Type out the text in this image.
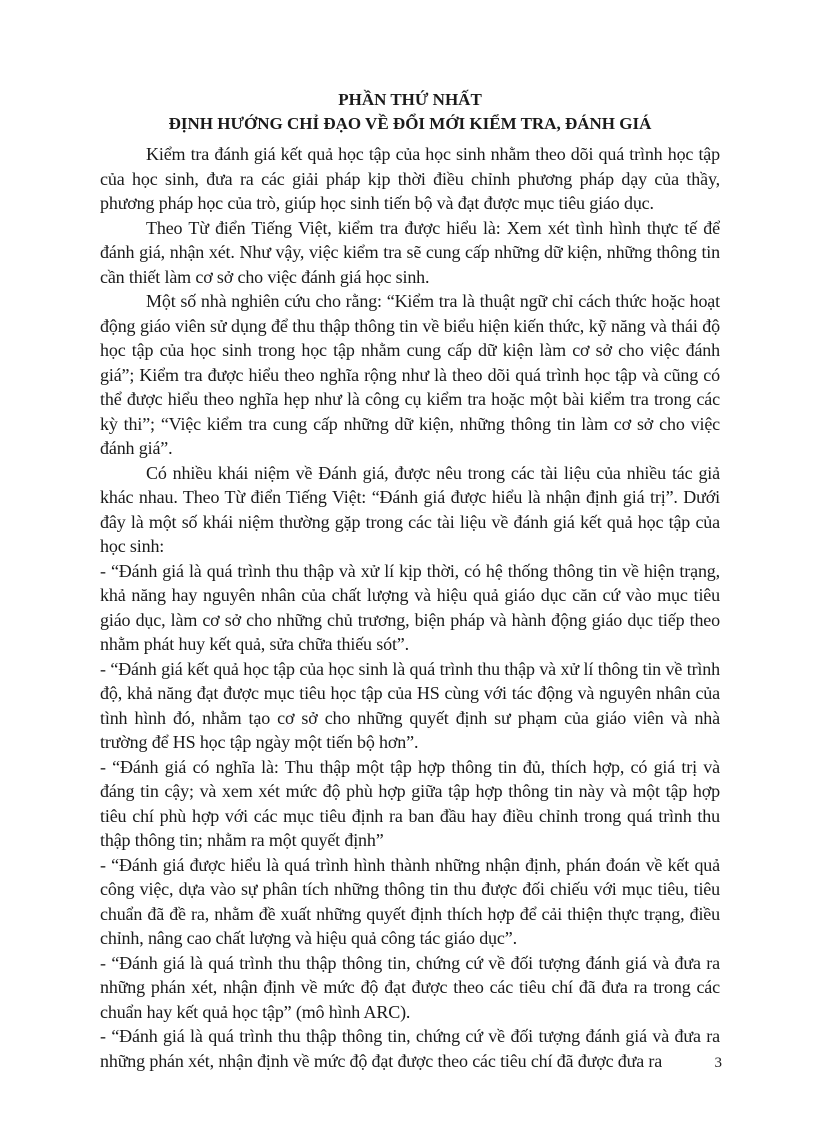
PHẦN THỨ NHẤT
ĐỊNH HƯỚNG CHỈ ĐẠO VỀ ĐỔI MỚI KIỂM TRA, ĐÁNH GIÁ

Kiểm tra đánh giá kết quả học tập của học sinh nhằm theo dõi quá trình học tập của học sinh, đưa ra các giải pháp kịp thời điều chỉnh phương pháp dạy của thầy, phương pháp học của trò, giúp học sinh tiến bộ và đạt được mục tiêu giáo dục.

Theo Từ điển Tiếng Việt, kiểm tra được hiểu là: Xem xét tình hình thực tế để đánh giá, nhận xét. Như vậy, việc kiểm tra sẽ cung cấp những dữ kiện, những thông tin cần thiết làm cơ sở cho việc đánh giá học sinh.

Một số nhà nghiên cứu cho rằng: “Kiểm tra là thuật ngữ chỉ cách thức hoặc hoạt động giáo viên sử dụng để thu thập thông tin về biểu hiện kiến thức, kỹ năng và thái độ học tập của học sinh trong học tập nhằm cung cấp dữ kiện làm cơ sở cho việc đánh giá”; Kiểm tra được hiểu theo nghĩa rộng như là theo dõi quá trình học tập và cũng có thể được hiểu theo nghĩa hẹp như là công cụ kiểm tra hoặc một bài kiểm tra trong các kỳ thi”; “Việc kiểm tra cung cấp những dữ kiện, những thông tin làm cơ sở cho việc đánh giá”.

Có nhiều khái niệm về Đánh giá, được nêu trong các tài liệu của nhiều tác giả khác nhau. Theo Từ điển Tiếng Việt: “Đánh giá được hiểu là nhận định giá trị”. Dưới đây là một số khái niệm thường gặp trong các tài liệu về đánh giá kết quả học tập của học sinh:

- “Đánh giá là quá trình thu thập và xử lí kịp thời, có hệ thống thông tin về hiện trạng, khả năng hay nguyên nhân của chất lượng và hiệu quả giáo dục căn cứ vào mục tiêu giáo dục, làm cơ sở cho những chủ trương, biện pháp và hành động giáo dục tiếp theo nhằm phát huy kết quả, sửa chữa thiếu sót”.

- “Đánh giá kết quả học tập của học sinh là quá trình thu thập và xử lí thông tin về trình độ, khả năng đạt được mục tiêu học tập của HS cùng với tác động và nguyên nhân của tình hình đó, nhằm tạo cơ sở cho những quyết định sư phạm của giáo viên và nhà trường để HS học tập ngày một tiến bộ hơn”.

- “Đánh giá có nghĩa là: Thu thập một tập hợp thông tin đủ, thích hợp, có giá trị và đáng tin cậy; và xem xét mức độ phù hợp giữa tập hợp thông tin này và một tập hợp tiêu chí phù hợp với các mục tiêu định ra ban đầu hay điều chỉnh trong quá trình thu thập thông tin; nhằm ra một quyết định”

- “Đánh giá được hiểu là quá trình hình thành những nhận định, phán đoán về kết quả công việc, dựa vào sự phân tích những thông tin thu được đối chiếu với mục tiêu, tiêu chuẩn đã đề ra, nhằm đề xuất những quyết định thích hợp để cải thiện thực trạng, điều chỉnh, nâng cao chất lượng và hiệu quả công tác giáo dục”.

- “Đánh giá là quá trình thu thập thông tin, chứng cứ về đối tượng đánh giá và đưa ra những phán xét, nhận định về mức độ đạt được theo các tiêu chí đã đưa ra trong các chuẩn hay kết quả học tập” (mô hình ARC).

- “Đánh giá là quá trình thu thập thông tin, chứng cứ về đối tượng đánh giá và đưa ra những phán xét, nhận định về mức độ đạt được theo các tiêu chí đã được đưa ra	3
